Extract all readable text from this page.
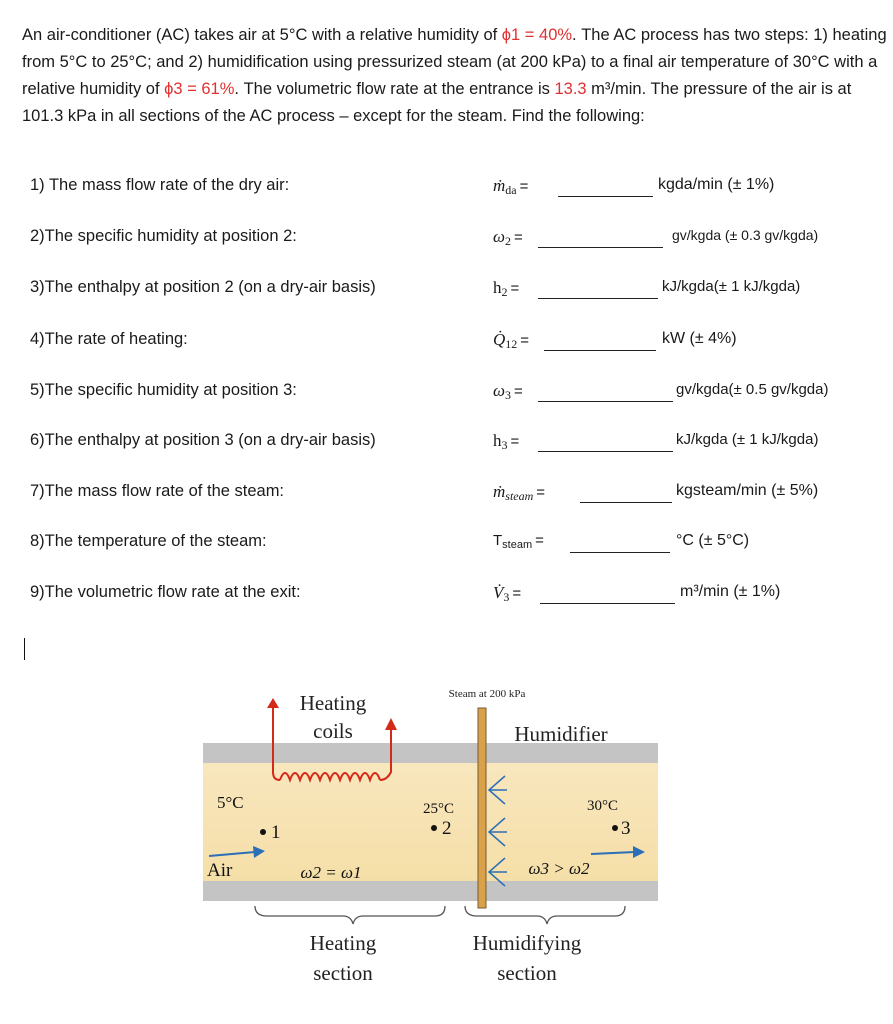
An air-conditioner (AC) takes air at 5°C with a relative humidity of ϕ1 = 40%. The AC process has two steps: 1) heating from 5°C to 25°C; and 2) humidification using pressurized steam (at 200 kPa) to a final air temperature of 30°C with a relative humidity of ϕ3 = 61%. The volumetric flow rate at the entrance is 13.3 m³/min. The pressure of the air is at 101.3 kPa in all sections of the AC process – except for the steam. Find the following:
1) The mass flow rate of the dry air:	ṁ$_{da}$ =	kgda/min (± 1%)
2)The specific humidity at position 2:	$\omega_2$ =	gv/kgda (± 0.3 gv/kgda)
3)The enthalpy at position 2 (on a dry-air basis)	$h_2$ =	kJ/kgda(± 1 kJ/kgda)
4)The rate of heating:	$Q̇_{12}$ =	kW (± 4%)
5)The specific humidity at position 3:	$\omega_3$ =	gv/kgda(± 0.5 gv/kgda)
6)The enthalpy at position 3 (on a dry-air basis)	$h_3$ =	kJ/kgda (± 1 kJ/kgda)
7)The mass flow rate of the steam:	ṁ$_{steam}$ =	kgsteam/min (± 5%)
8)The temperature of the steam:	$T_{steam}$ =	°C (± 5°C)
9)The volumetric flow rate at the exit:	$V̇_3$ =	m³/min (± 1%)
Heating
coils
Steam at 200 kPa
Humidifier
5°C
1
25°C
2
30°C
3
Air	ω2 = ω1	ω3 > ω2
Heating
section
Humidifying
section
